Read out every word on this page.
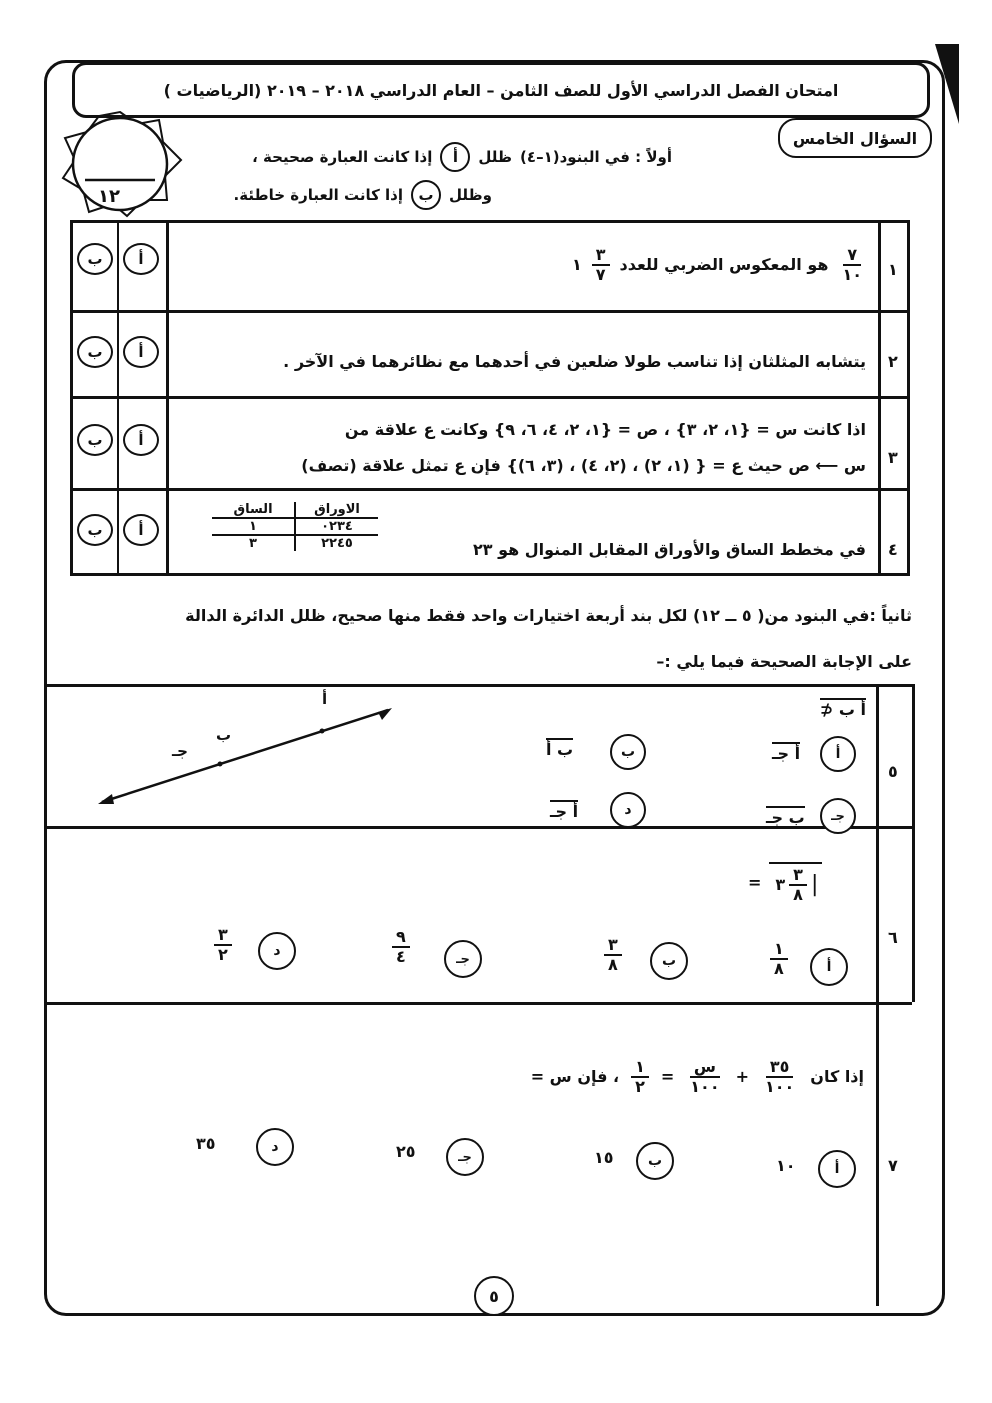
امتحان الفصل الدراسي الأول للصف الثامن – العام الدراسي ٢٠١٨ – ٢٠١٩ (الرياضيات )
السؤال الخامس
١٢
أولاً : في البنود(١–٤)
ظلل
أ
إذا كانت العبارة صحيحة ،
وظلل
ب
إذا كانت العبارة خاطئة.
١
$\frac{٧}{١٠}$
هو المعكوس الضربي للعدد
$\frac{٣}{٧}$
١
أ
ب
٢
يتشابه المثلثان إذا تناسب طولا ضلعين في أحدهما مع نظائرهما في الآخر .
أ
ب
٣
اذا كانت س = {١، ٢، ٣} ، ص = {١، ٢، ٤، ٦، ٩} وكانت ع علاقة من
س ⟵ ص حيث ع = { (١، ٢) ، (٢، ٤) ، (٣، ٦)} فإن ع تمثل علاقة (تصف)
أ
ب
٤
في مخطط الساق والأوراق المقابل المنوال هو ٢٣
الاوراق
الساق
٠٢٣٤
١
٢٢٤٥
٣
أ
ب
ثانياً :في البنود من( ٥ ــ ١٢) لكل بند أربعة اختيارات واحد فقط منها صحيح، ظلل الدائرة الدالة
على الإجابة الصحيحة فيما يلي :–
٥
أ ب ⊄
أ
أ جـ
ب
ب أ
جـ
ب جـ
د
أ جـ
أ
ب
جـ
٦
= ٣ $\frac{٣}{٨}$ |
أ
١
٨
ب
٣
٨
جـ
٩
٤
د
٣
٢
٧
إذا كان
$\frac{٣٥}{١٠٠}$
+
$\frac{\text{س}}{١٠٠}$
=
$\frac{١}{٢}$
، فإن س =
أ
١٠
ب
١٥
جـ
٢٥
د
٣٥
٥
